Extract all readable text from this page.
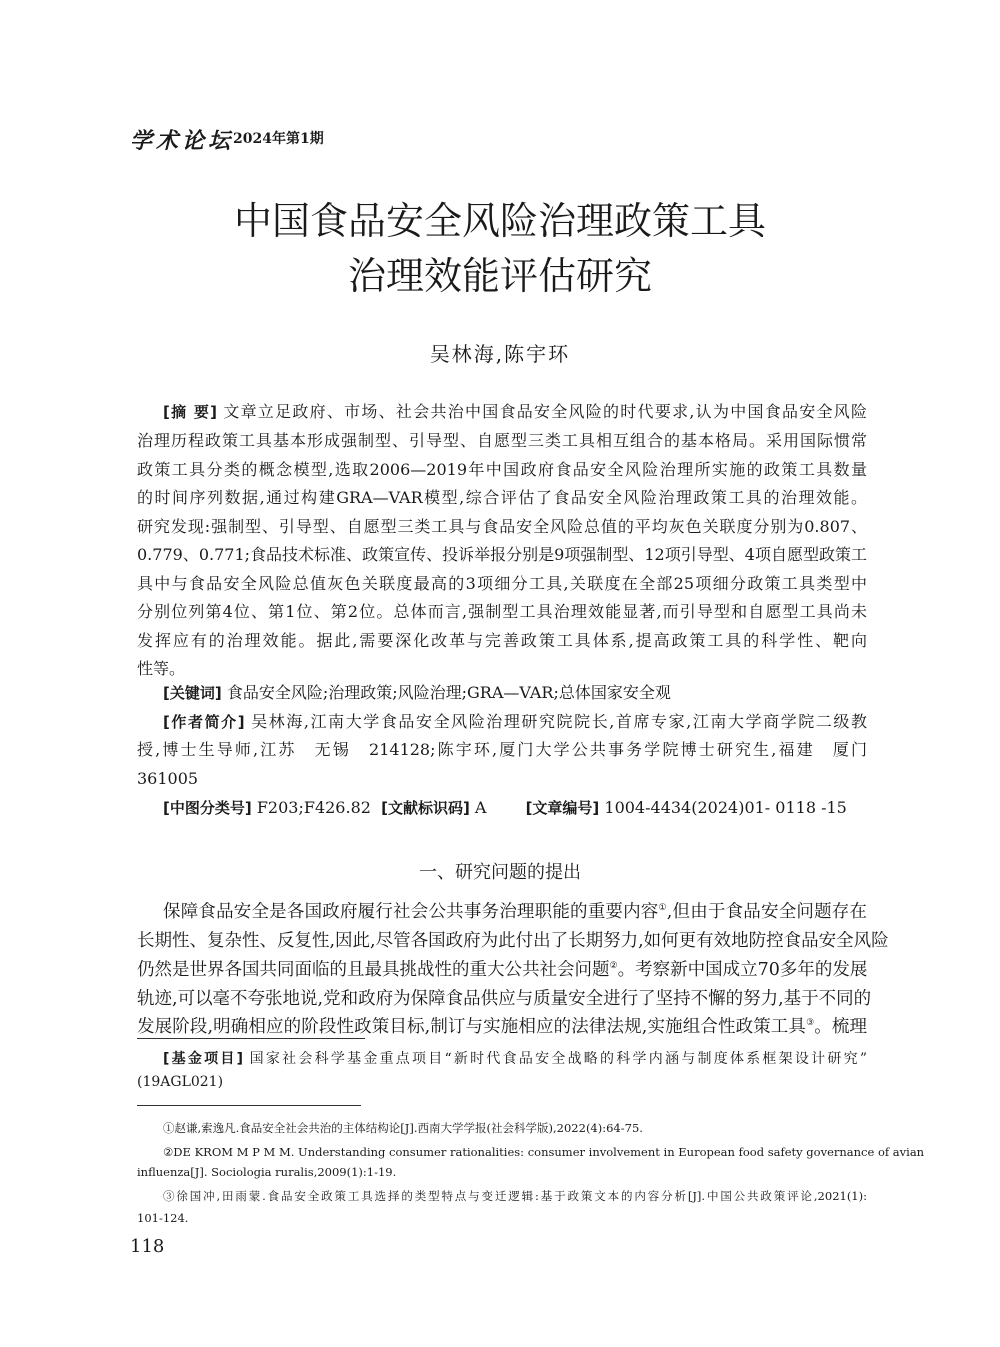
学术论坛
2024年第1期
中国食品安全风险治理政策工具
治理效能评估研究
吴林海,陈宇环
[摘 要] 文章立足政府、市场、社会共治中国食品安全风险的时代要求,认为中国食品安全风险
治理历程政策工具基本形成强制型、引导型、自愿型三类工具相互组合的基本格局。采用国际惯常
政策工具分类的概念模型,选取2006—2019年中国政府食品安全风险治理所实施的政策工具数量
的时间序列数据,通过构建GRA—VAR模型,综合评估了食品安全风险治理政策工具的治理效能。
研究发现:强制型、引导型、自愿型三类工具与食品安全风险总值的平均灰色关联度分别为0.807、
0.779、0.771;食品技术标准、政策宣传、投诉举报分别是9项强制型、12项引导型、4项自愿型政策工
具中与食品安全风险总值灰色关联度最高的3项细分工具,关联度在全部25项细分政策工具类型中
分别位列第4位、第1位、第2位。总体而言,强制型工具治理效能显著,而引导型和自愿型工具尚未
发挥应有的治理效能。据此,需要深化改革与完善政策工具体系,提高政策工具的科学性、靶向
性等。
[关键词] 食品安全风险;治理政策;风险治理;GRA—VAR;总体国家安全观
[作者简介] 吴林海,江南大学食品安全风险治理研究院院长,首席专家,江南大学商学院二级教
授,博士生导师,江苏　无锡　214128;陈宇环,厦门大学公共事务学院博士研究生,福建　厦门
361005
[中图分类号] F203;F426.82 [文献标识码] A	[文章编号] 1004-4434(2024)01- 0118 -15
一、研究问题的提出
保障食品安全是各国政府履行社会公共事务治理职能的重要内容①,但由于食品安全问题存在
长期性、复杂性、反复性,因此,尽管各国政府为此付出了长期努力,如何更有效地防控食品安全风险
仍然是世界各国共同面临的且最具挑战性的重大公共社会问题②。考察新中国成立70多年的发展
轨迹,可以毫不夸张地说,党和政府为保障食品供应与质量安全进行了坚持不懈的努力,基于不同的
发展阶段,明确相应的阶段性政策目标,制订与实施相应的法律法规,实施组合性政策工具③。梳理
[基金项目] 国家社会科学基金重点项目“新时代食品安全战略的科学内涵与制度体系框架设计研究”
(19AGL021)
①赵谦,索逸凡.食品安全社会共治的主体结构论[J].西南大学学报(社会科学版),2022(4):64-75.
②DE KROM M P M M. Understanding consumer rationalities: consumer involvement in European food safety governance of avian
influenza[J]. Sociologia ruralis,2009(1):1-19.
③徐国冲,田雨蒙.食品安全政策工具选择的类型特点与变迁逻辑:基于政策文本的内容分析[J].中国公共政策评论,2021(1):
101-124.
118
